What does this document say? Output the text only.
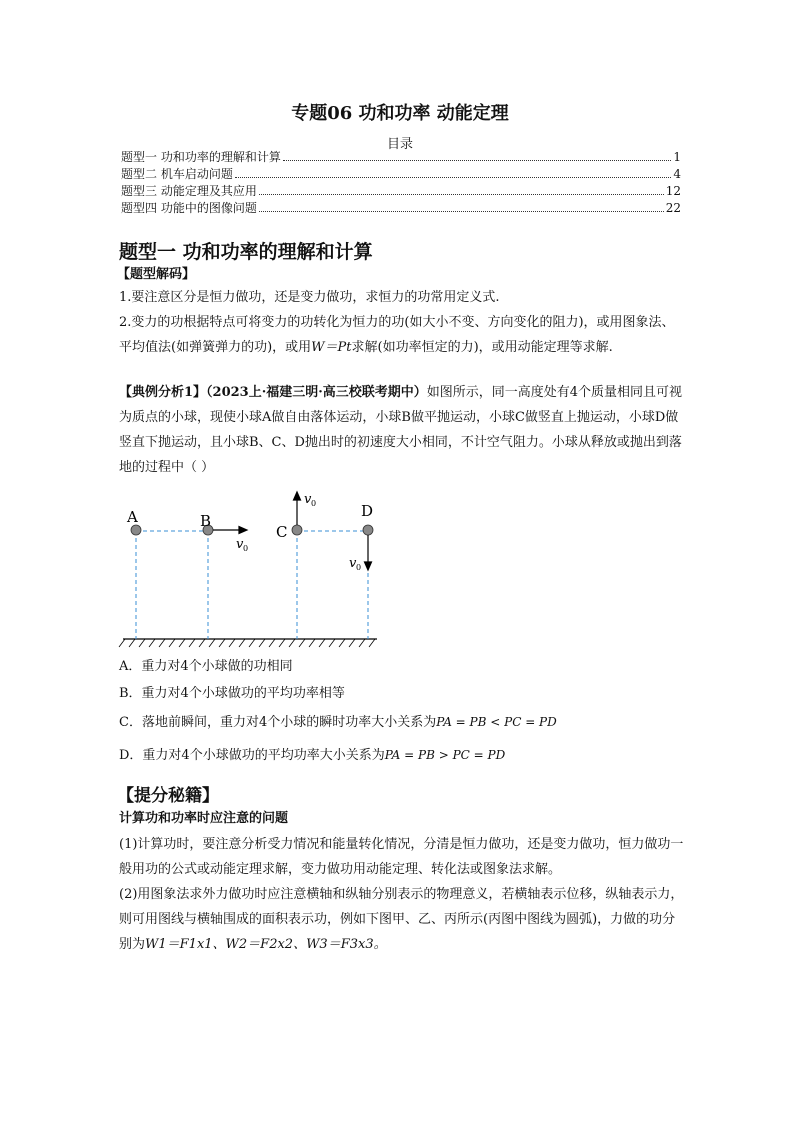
专题06 功和功率 动能定理
目录
题型一 功和功率的理解和计算	1
题型二 机车启动问题	4
题型三 动能定理及其应用	12
题型四 功能中的图像问题	22
题型一 功和功率的理解和计算
【题型解码】
1.要注意区分是恒力做功，还是变力做功，求恒力的功常用定义式.
2.变力的功根据特点可将变力的功转化为恒力的功(如大小不变、方向变化的阻力)，或用图象法、平均值法(如弹簧弹力的功)，或用W＝Pt求解(如功率恒定的力)，或用动能定理等求解.
【典例分析1】（2023上·福建三明·高三校联考期中）如图所示，同一高度处有4个质量相同且可视为质点的小球，现使小球A做自由落体运动，小球B做平抛运动，小球C做竖直上抛运动，小球D做竖直下抛运动，且小球B、C、D抛出时的初速度大小相同，不计空气阻力。小球从释放或抛出到落地的过程中（ ）
A	B
C
D
v 0
v 0
v 0
A．重力对4个小球做的功相同
B．重力对4个小球做功的平均功率相等
C．落地前瞬间，重力对4个小球的瞬时功率大小关系为PA = PB < PC = PD
D．重力对4个小球做功的平均功率大小关系为PA = PB > PC = PD
【提分秘籍】
计算功和功率时应注意的问题
(1)计算功时，要注意分析受力情况和能量转化情况，分清是恒力做功，还是变力做功，恒力做功一般用功的公式或动能定理求解，变力做功用动能定理、转化法或图象法求解。
(2)用图象法求外力做功时应注意横轴和纵轴分别表示的物理意义，若横轴表示位移，纵轴表示力，则可用图线与横轴围成的面积表示功，例如下图甲、乙、丙所示(丙图中图线为圆弧)，力做的功分别为W1＝F1x1、W2＝F2x2、W3＝F3x3。
